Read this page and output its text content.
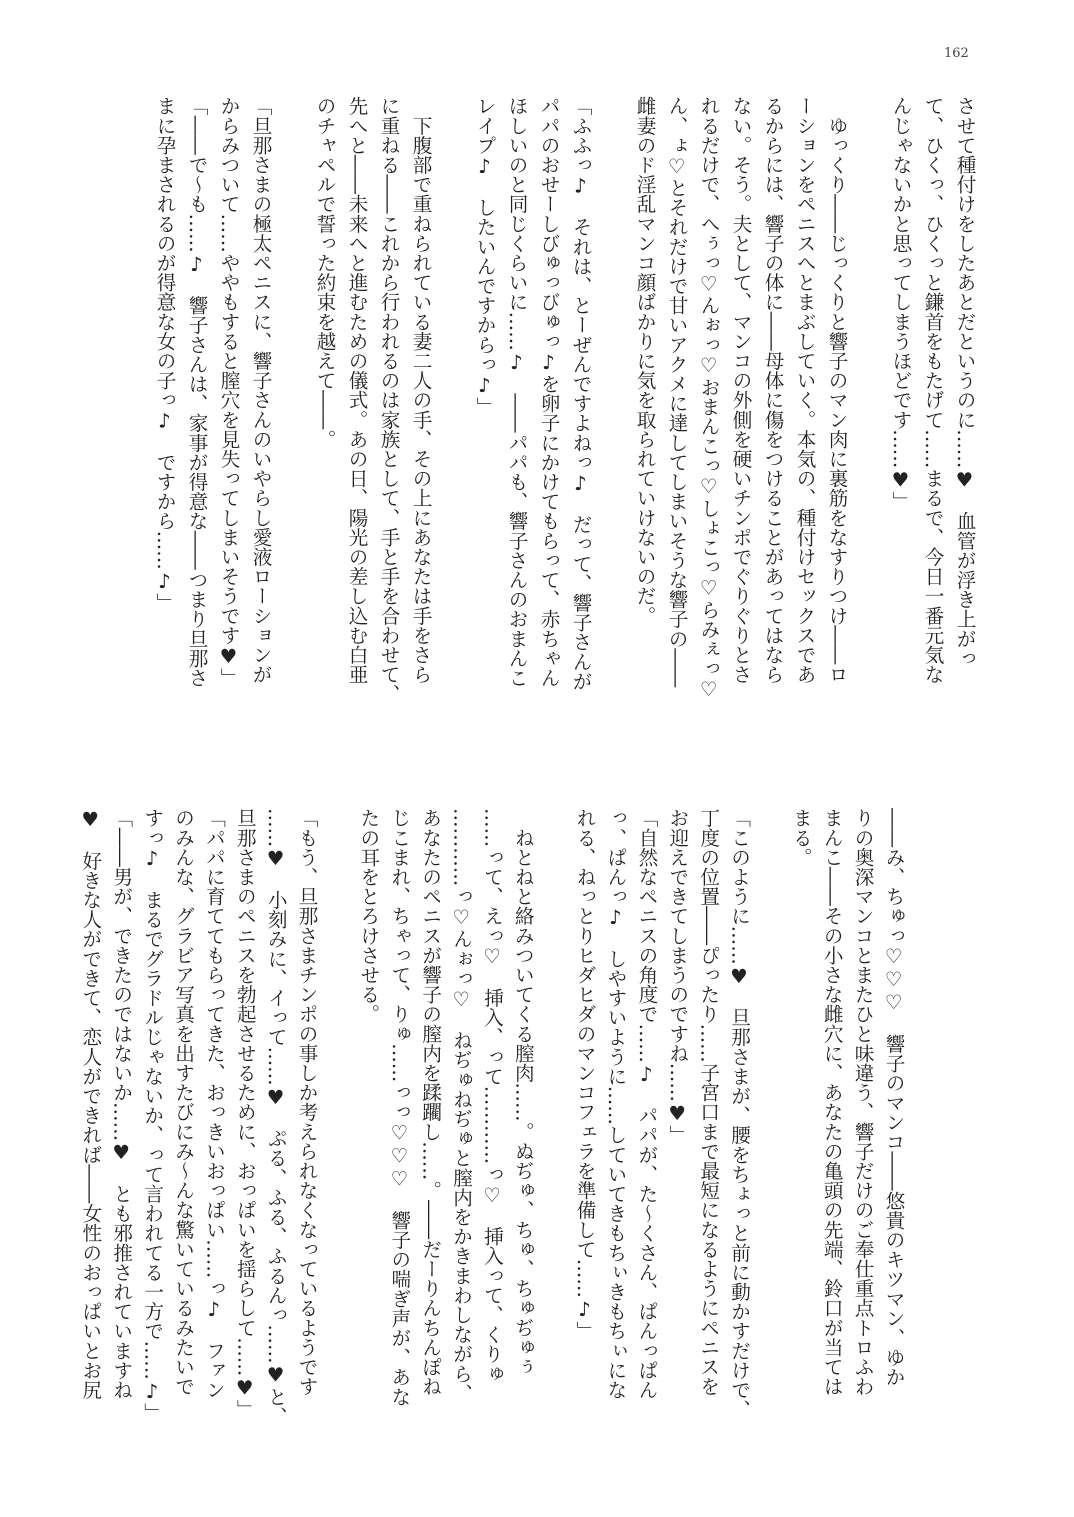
162
させて種付けをしたあとだというのに……♥　血管が浮き上がっ
て、ひくっ、ひくっと鎌首をもたげて……まるで、今日一番元気な
んじゃないかと思ってしまうほどです……♥」
　ゆっくり――じっくりと響子のマン肉に裏筋をなすりつけ――ロ
ーションをペニスへとまぶしていく。本気の、種付けセックスであ
るからには、響子の体に――母体に傷をつけることがあってはなら
ない。そう。夫として、マンコの外側を硬いチンポでぐりぐりとさ
れるだけで、へぅっ♡んぉっ♡おまんこっ♡しょこっ♡らみぇっ♡
ん、ょ♡とそれだけで甘いアクメに達してしまいそうな響子の――
雌妻のド淫乱マンコ顔ばかりに気を取られていけないのだ。
「ふふっ♪　それは、とーぜんですよねっ♪　だって、響子さんが
パパのおせーしびゅっびゅっ♪を卵子にかけてもらって、赤ちゃん
ほしいのと同じくらいに……♪　――パパも、響子さんのおまんこ
レイプ♪　したいんですからっ♪」
　下腹部で重ねられている妻二人の手、その上にあなたは手をさら
に重ねる――これから行われるのは家族として、手と手を合わせて、
先へと――未来へと進むための儀式。あの日、陽光の差し込む白亜
のチャペルで誓った約束を越えて――。
「旦那さまの極太ペニスに、響子さんのいやらし愛液ローションが
からみついて……ややもすると膣穴を見失ってしまいそうです♥」
「――で〜も……♪　響子さんは、家事が得意な――つまり旦那さ
まに孕まされるのが得意な女の子っ♪　ですから……♪」
――み、ちゅっ♡♡♡　響子のマンコ――悠貴のキツマン、ゆか
りの奥深マンコとまたひと味違う、響子だけのご奉仕重点トロふわ
まんこ――その小さな雌穴に、あなたの亀頭の先端、鈴口が当ては
まる。
「このように……♥　旦那さまが、腰をちょっと前に動かすだけで、
丁度の位置――ぴったり……子宮口まで最短になるようにペニスを
お迎えできてしまうのですね……♥」
「自然なペニスの角度で……♪　パパが、た〜くさん、ぱんっぱん
っ、ぱんっ♪　しやすいように……していてきもちぃきもちぃにな
れる、ねっとりヒダヒダのマンコフェラを準備して……♪」
　ねとねと絡みついてくる膣肉……。ぬぢゅ、ちゅ、ちゅぢゅぅ
……って、えっ♡　挿入、って…………っ♡　挿入って、くりゅ
…………っ♡んぉっ♡　ねぢゅねぢゅと膣内をかきまわしながら、
あなたのペニスが響子の膣内を蹂躙し……。――だーりんちんぽね
じこまれ、ちゃって、りゅ……っっ♡♡♡　響子の喘ぎ声が、あな
たの耳をとろけさせる。
「もう、旦那さまチンポの事しか考えられなくなっているようです
……♥　小刻みに、イって……♥　ぷる、ふる、ふるんっ……♥と、
旦那さまのペニスを勃起させるために、おっぱいを揺らして……♥」
「パパに育ててもらってきた、おっきいおっぱい……っ♪　ファン
のみんな、グラビア写真を出すたびにみ〜んな驚いているみたいで
すっ♪　まるでグラドルじゃないか、って言われてる一方で……♪」
「――男が、できたのではないか……♥　とも邪推されていますね
♥　好きな人ができて、恋人ができれば――女性のおっぱいとお尻
